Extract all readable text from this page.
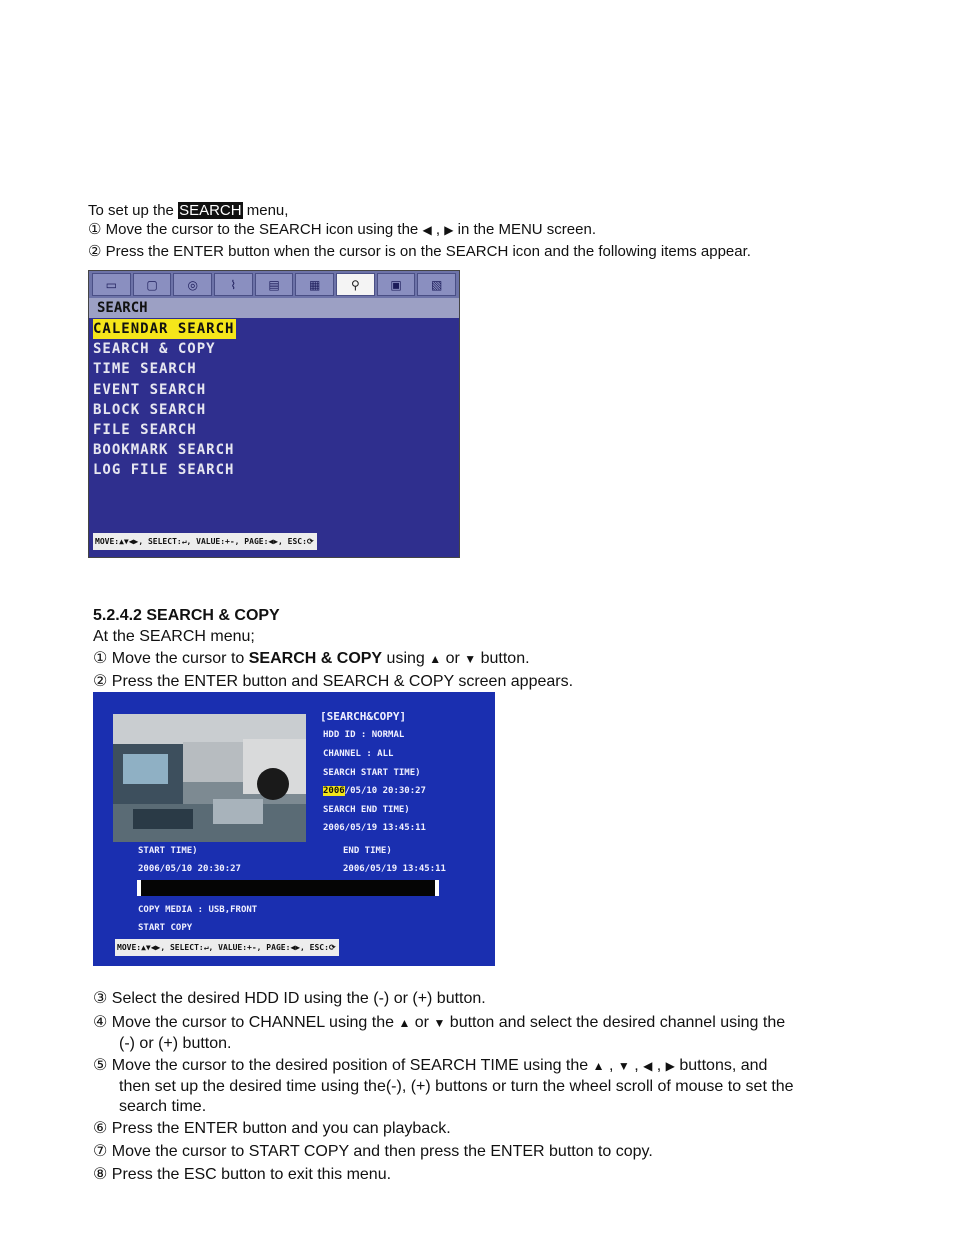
To set up the SEARCH menu,
① Move the cursor to the SEARCH icon using the ◀ , ▶ in the MENU screen.
② Press the ENTER button when the cursor is on the SEARCH icon and the following items appear.
▭	▢	◎	⌇	▤	▦	⚲	▣	▧
SEARCH
CALENDAR SEARCH
SEARCH & COPY
TIME SEARCH
EVENT SEARCH
BLOCK SEARCH
FILE SEARCH
BOOKMARK SEARCH
LOG FILE SEARCH
MOVE:▲▼◀▶, SELECT:↵, VALUE:+-, PAGE:◀▶, ESC:⟳
5.2.4.2 SEARCH & COPY
At the SEARCH menu;
① Move the cursor to SEARCH & COPY using ▲ or ▼ button.
② Press the ENTER button and SEARCH & COPY screen appears.
[SEARCH&COPY]
HDD ID : NORMAL
CHANNEL : ALL
SEARCH START TIME)
2006/05/10 20:30:27
SEARCH END TIME)
2006/05/19 13:45:11
START TIME)
2006/05/10 20:30:27
END TIME)
2006/05/19 13:45:11
COPY MEDIA : USB,FRONT
START COPY
MOVE:▲▼◀▶, SELECT:↵, VALUE:+-, PAGE:◀▶, ESC:⟳
③ Select the desired HDD ID using the (-) or (+) button.
④ Move the cursor to CHANNEL using the ▲ or ▼ button and select the desired channel using the
(-) or (+) button.
⑤ Move the cursor to the desired position of SEARCH TIME using the ▲ , ▼ , ◀ , ▶ buttons, and
then set up the desired time using the(-), (+) buttons or turn the wheel scroll of mouse to set the
search time.
⑥ Press the ENTER button and you can playback.
⑦ Move the cursor to START COPY and then press the ENTER button to copy.
⑧ Press the ESC button to exit this menu.
